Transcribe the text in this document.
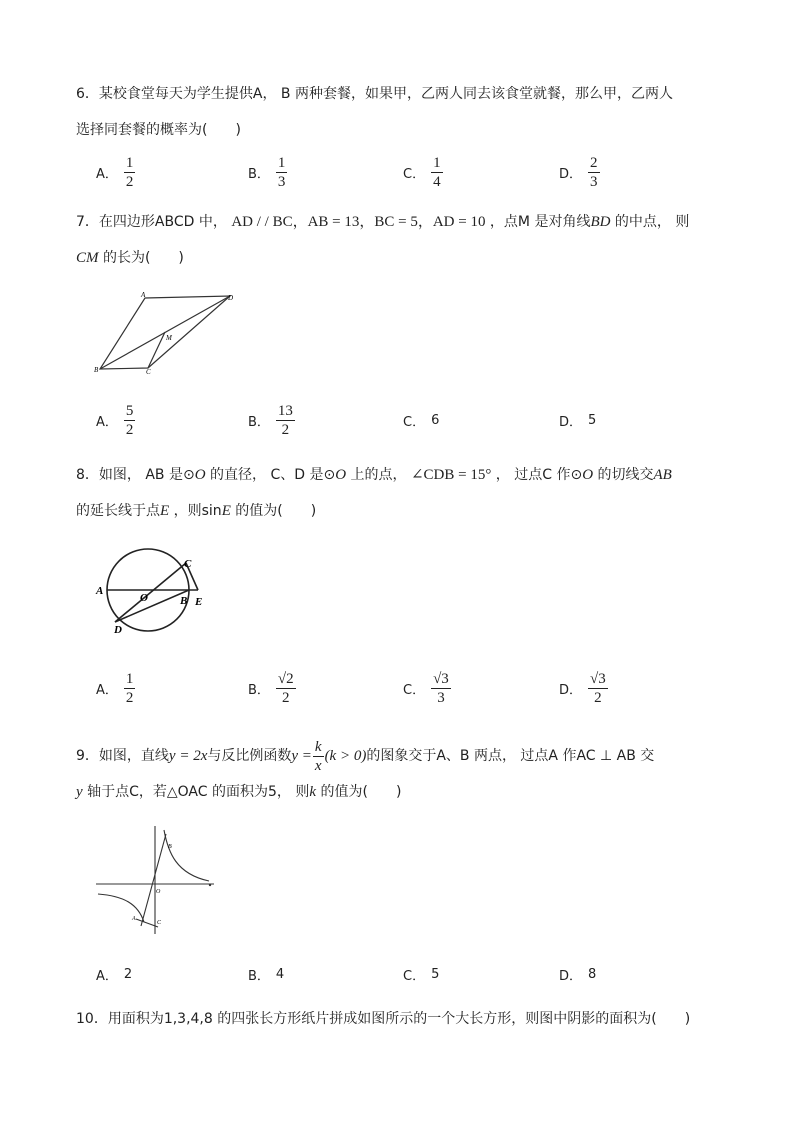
6．某校食堂每天为学生提供A， B 两种套餐，如果甲，乙两人同去该食堂就餐，那么甲，乙两人
选择同套餐的概率为(　　)
A． $\frac{1}{2}$	B． $\frac{1}{3}$	C． $\frac{1}{4}$	D． $\frac{2}{3}$
7．在四边形ABCD 中， AD / / BC，AB = 13，BC = 5，AD = 10 ，点M 是对角线BD 的中点， 则
CM 的长为(　　)
A	D
M
B	C
A． $\frac{5}{2}$	B． $\frac{13}{2}$	C． 6	D． 5
8．如图， AB 是⊙O 的直径， C、D 是⊙O 上的点， ∠CDB = 15° ， 过点C 作⊙O 的切线交AB
的延长线于点E ，则sinE 的值为(　　)
A
O
C
B E
D
A． $\frac{1}{2}$	B． $\frac{√2}{2}$	C． $\frac{√3}{3}$	D． $\frac{√3}{2}$
9．如图，直线 y = 2x 与反比例函数 $y = \frac{k}{x} (k > 0)$ 的图象交于A、B 两点， 过点A 作AC ⊥ AB 交
y 轴于点C，若△OAC 的面积为5， 则k 的值为(　　)
B
O
A
C
A． 2	B． 4	C． 5	D． 8
10．用面积为1,3,4,8 的四张长方形纸片拼成如图所示的一个大长方形，则图中阴影的面积为(　　)
